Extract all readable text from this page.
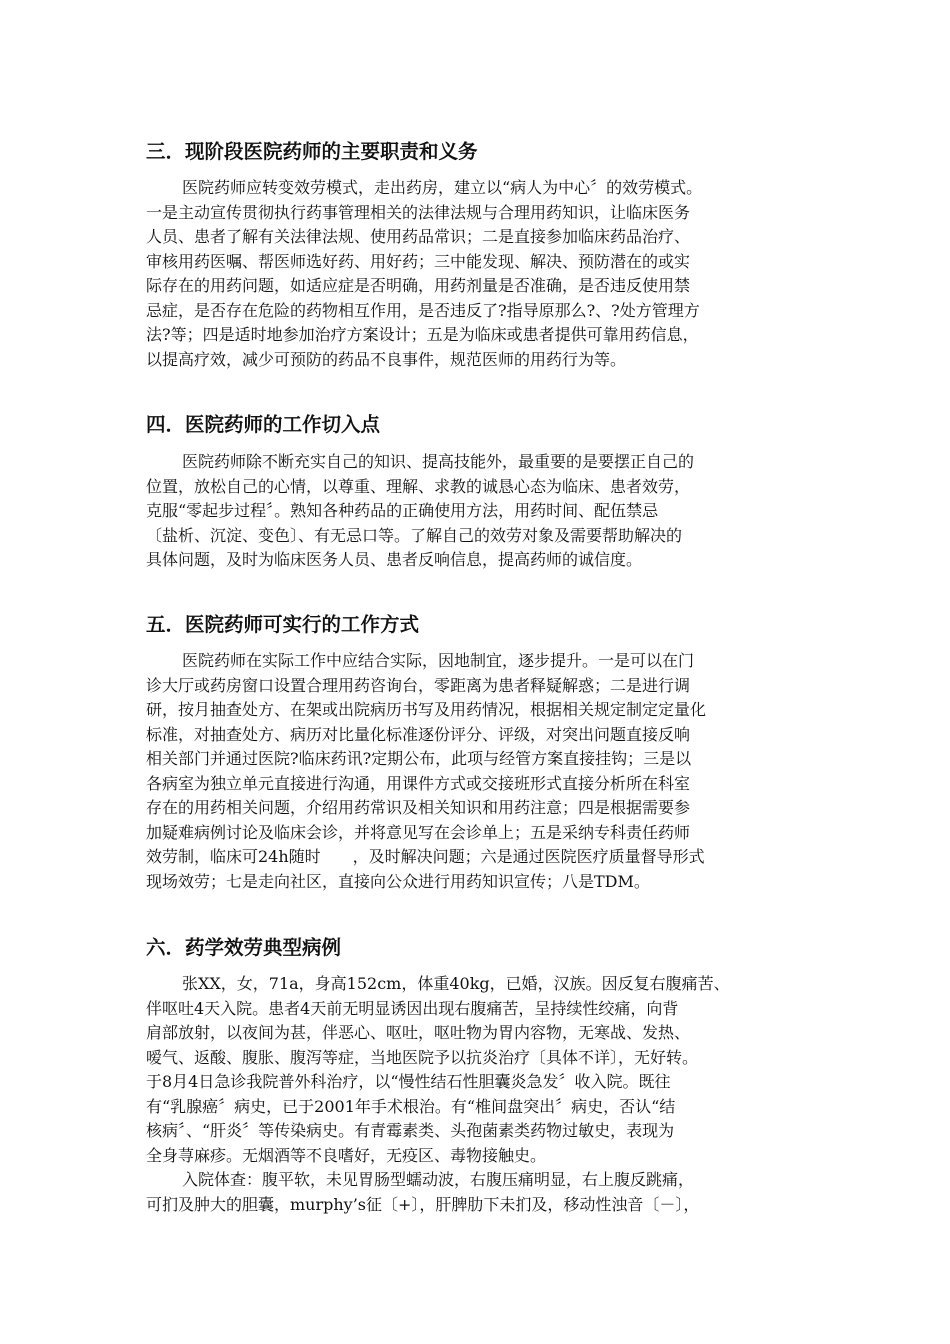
三．现阶段医院药师的主要职责和义务
医院药师应转变效劳模式，走出药房，建立以“病人为中心〞的效劳模式。
一是主动宣传贯彻执行药事管理相关的法律法规与合理用药知识，让临床医务
人员、患者了解有关法律法规、使用药品常识；二是直接参加临床药品治疗、
审核用药医嘱、帮医师选好药、用好药；三中能发现、解决、预防潜在的或实
际存在的用药问题，如适应症是否明确，用药剂量是否准确，是否违反使用禁
忌症，是否存在危险的药物相互作用，是否违反了?指导原那么?、?处方管理方
法?等；四是适时地参加治疗方案设计；五是为临床或患者提供可靠用药信息，
以提高疗效，减少可预防的药品不良事件，规范医师的用药行为等。
四．医院药师的工作切入点
医院药师除不断充实自己的知识、提高技能外，最重要的是要摆正自己的
位置，放松自己的心情，以尊重、理解、求教的诚恳心态为临床、患者效劳，
克服“零起步过程〞。熟知各种药品的正确使用方法，用药时间、配伍禁忌
〔盐析、沉淀、变色〕、有无忌口等。了解自己的效劳对象及需要帮助解决的
具体问题，及时为临床医务人员、患者反响信息，提高药师的诚信度。
五．医院药师可实行的工作方式
医院药师在实际工作中应结合实际，因地制宜，逐步提升。一是可以在门
诊大厅或药房窗口设置合理用药咨询台，零距离为患者释疑解惑；二是进行调
研，按月抽查处方、在架或出院病历书写及用药情况，根据相关规定制定定量化
标准，对抽查处方、病历对比量化标准逐份评分、评级，对突出问题直接反响
相关部门并通过医院?临床药讯?定期公布，此项与经管方案直接挂钩；三是以
各病室为独立单元直接进行沟通，用课件方式或交接班形式直接分析所在科室
存在的用药相关问题，介绍用药常识及相关知识和用药注意；四是根据需要参
加疑难病例讨论及临床会诊，并将意见写在会诊单上；五是采纳专科责任药师
效劳制，临床可24h随时　　，及时解决问题；六是通过医院医疗质量督导形式
现场效劳；七是走向社区，直接向公众进行用药知识宣传；八是TDM。
六．药学效劳典型病例
张XX，女，71a，身高152cm，体重40kg，已婚，汉族。因反复右腹痛苦、
伴呕吐4天入院。患者4天前无明显诱因出现右腹痛苦，呈持续性绞痛，向背
肩部放射，以夜间为甚，伴恶心、呕吐，呕吐物为胃内容物，无寒战、发热、
嗳气、返酸、腹胀、腹泻等症，当地医院予以抗炎治疗〔具体不详〕，无好转。
于8月4日急诊我院普外科治疗，以“慢性结石性胆囊炎急发〞收入院。既往
有“乳腺癌〞病史，已于2001年手术根治。有“椎间盘突出〞病史，否认“结
核病〞、“肝炎〞等传染病史。有青霉素类、头孢菌素类药物过敏史，表现为
全身荨麻疹。无烟酒等不良嗜好，无疫区、毒物接触史。
入院体查：腹平软，未见胃肠型蠕动波，右腹压痛明显，右上腹反跳痛，
可扪及肿大的胆囊，murphy’s征〔+〕，肝脾肋下未扪及，移动性浊音〔－〕，
